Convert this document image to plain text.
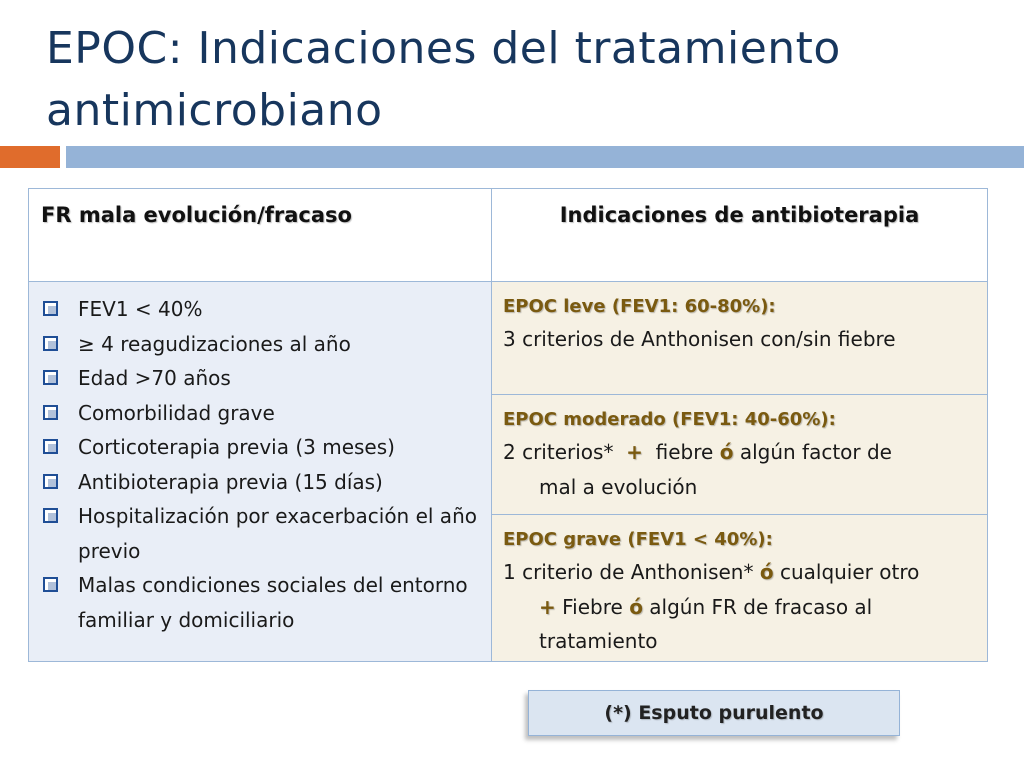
EPOC: Indicaciones del tratamiento
antimicrobiano
FR mala evolución/fracaso	Indicaciones de antibioterapia
FEV1 < 40%
≥ 4 reagudizaciones al año
Edad >70 años
Comorbilidad grave
Corticoterapia previa (3 meses)
Antibioterapia previa (15 días)
Hospitalización por exacerbación el año previo
Malas condiciones sociales del entorno familiar y domiciliario
EPOC leve (FEV1: 60-80%):
3 criterios de Anthonisen con/sin fiebre
EPOC moderado (FEV1: 40-60%):
2 criterios* + fiebre ó algún factor de
mal a evolución
EPOC grave (FEV1 < 40%):
1 criterio de Anthonisen* ó cualquier otro
+ Fiebre ó algún FR de fracaso al
tratamiento
(*) Esputo purulento
